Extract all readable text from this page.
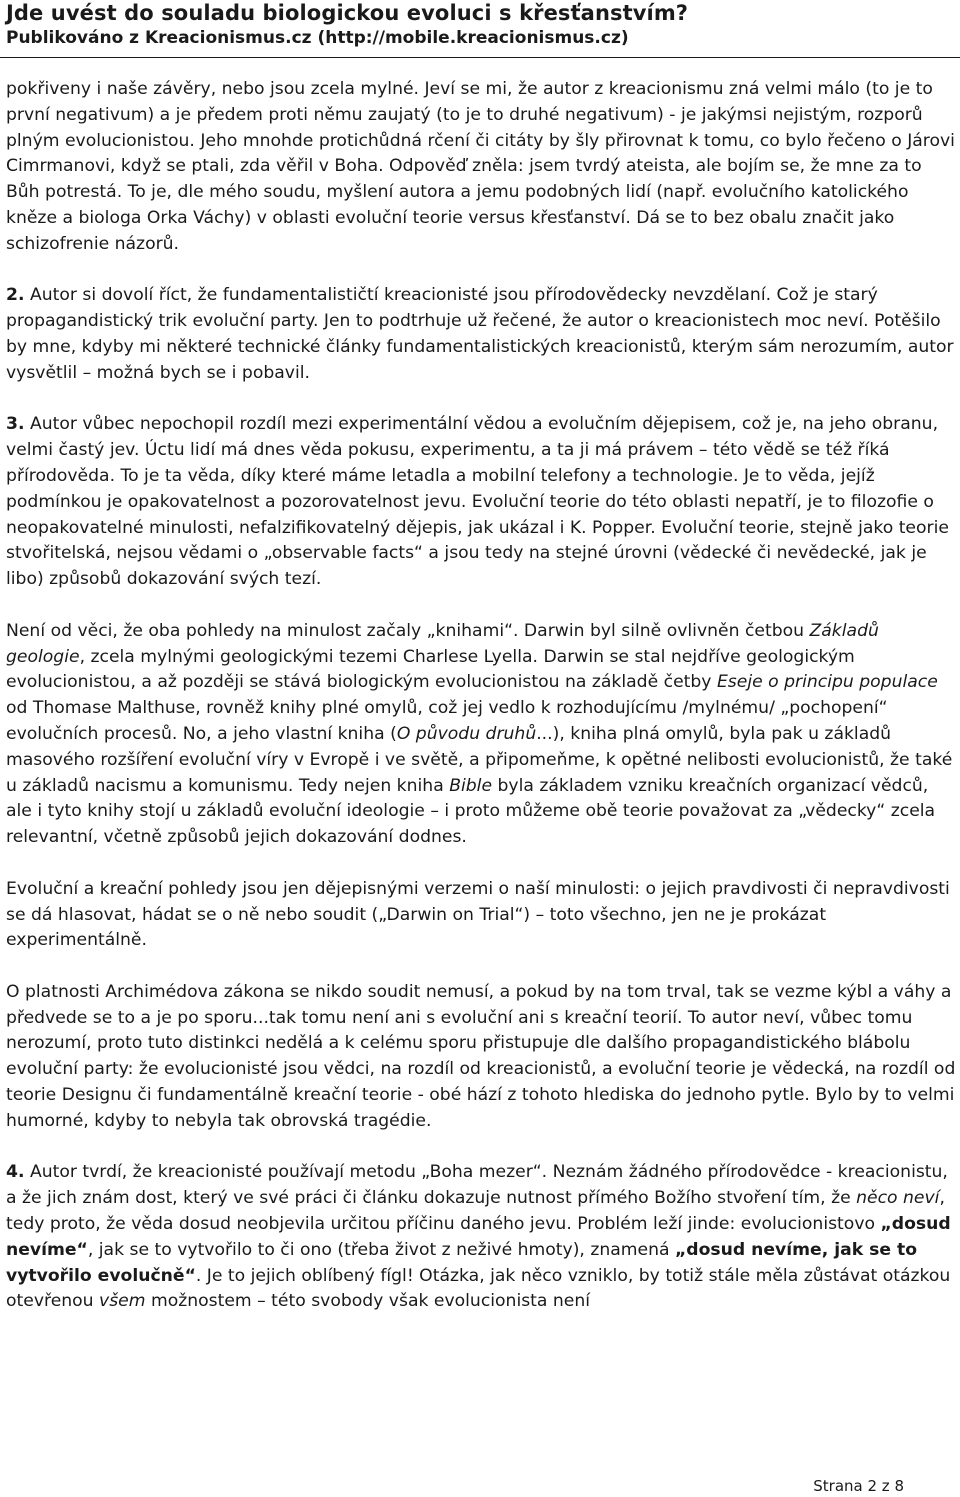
Jde uvést do souladu biologickou evoluci s křesťanstvím?
Publikováno z Kreacionismus.cz (http://mobile.kreacionismus.cz)

pokřiveny i naše závěry, nebo jsou zcela mylné. Jeví se mi, že autor z kreacionismu zná velmi málo (to je to první negativum) a je předem proti němu zaujatý (to je to druhé negativum) - je jakýmsi nejistým, rozporů plným evolucionistou. Jeho mnohde protichůdná rčení či citáty by šly přirovnat k tomu, co bylo řečeno o Járovi Cimrmanovi, když se ptali, zda věřil v Boha. Odpověď zněla: jsem tvrdý ateista, ale bojím se, že mne za to Bůh potrestá. To je, dle mého soudu, myšlení autora a jemu podobných lidí (např. evolučního katolického kněze a biologa Orka Váchy) v oblasti evoluční teorie versus křesťanství. Dá se to bez obalu značit jako schizofrenie názorů.

2. Autor si dovolí říct, že fundamentalističtí kreacionisté jsou přírodovědecky nevzdělaní. Což je starý propagandistický trik evoluční party. Jen to podtrhuje už řečené, že autor o kreacionistech moc neví. Potěšilo by mne, kdyby mi některé technické články fundamentalistických kreacionistů, kterým sám nerozumím, autor vysvětlil – možná bych se i pobavil.

3. Autor vůbec nepochopil rozdíl mezi experimentální vědou a evolučním dějepisem, což je, na jeho obranu, velmi častý jev. Úctu lidí má dnes věda pokusu, experimentu, a ta ji má právem – této vědě se též říká přírodověda. To je ta věda, díky které máme letadla a mobilní telefony a technologie. Je to věda, jejíž podmínkou je opakovatelnost a pozorovatelnost jevu. Evoluční teorie do této oblasti nepatří, je to filozofie o neopakovatelné minulosti, nefalzifikovatelný dějepis, jak ukázal i K. Popper. Evoluční teorie, stejně jako teorie stvořitelská, nejsou vědami o „observable facts“ a jsou tedy na stejné úrovni (vědecké či nevědecké, jak je libo) způsobů dokazování svých tezí.

Není od věci, že oba pohledy na minulost začaly „knihami“. Darwin byl silně ovlivněn četbou Základů geologie, zcela mylnými geologickými tezemi Charlese Lyella. Darwin se stal nejdříve geologickým evolucionistou, a až později se stává biologickým evolucionistou na základě četby Eseje o principu populace od Thomase Malthuse, rovněž knihy plné omylů, což jej vedlo k rozhodujícímu /mylnému/ „pochopení“ evolučních procesů. No, a jeho vlastní kniha (O původu druhů...), kniha plná omylů, byla pak u základů masového rozšíření evoluční víry v Evropě i ve světě, a připomeňme, k opětné nelibosti evolucionistů, že také u základů nacismu a komunismu. Tedy nejen kniha Bible byla základem vzniku kreačních organizací vědců, ale i tyto knihy stojí u základů evoluční ideologie – i proto můžeme obě teorie považovat za „vědecky“ zcela relevantní, včetně způsobů jejich dokazování dodnes.

Evoluční a kreační pohledy jsou jen dějepisnými verzemi o naší minulosti: o jejich pravdivosti či nepravdivosti se dá hlasovat, hádat se o ně nebo soudit („Darwin on Trial“) – toto všechno, jen ne je prokázat experimentálně.

O platnosti Archimédova zákona se nikdo soudit nemusí, a pokud by na tom trval, tak se vezme kýbl a váhy a předvede se to a je po sporu...tak tomu není ani s evoluční ani s kreační teorií. To autor neví, vůbec tomu nerozumí, proto tuto distinkci nedělá a k celému sporu přistupuje dle dalšího propagandistického blábolu evoluční party: že evolucionisté jsou vědci, na rozdíl od kreacionistů, a evoluční teorie je vědecká, na rozdíl od teorie Designu či fundamentálně kreační teorie - obé hází z tohoto hlediska do jednoho pytle. Bylo by to velmi humorné, kdyby to nebyla tak obrovská tragédie.

4. Autor tvrdí, že kreacionisté používají metodu „Boha mezer“. Neznám žádného přírodovědce - kreacionistu, a že jich znám dost, který ve své práci či článku dokazuje nutnost přímého Božího stvoření tím, že něco neví, tedy proto, že věda dosud neobjevila určitou příčinu daného jevu. Problém leží jinde: evolucionistovo „dosud nevíme“, jak se to vytvořilo to či ono (třeba život z neživé hmoty), znamená „dosud nevíme, jak se to vytvořilo evolučně“. Je to jejich oblíbený fígl! Otázka, jak něco vzniklo, by totiž stále měla zůstávat otázkou otevřenou všem možnostem – této svobody však evolucionista není

Strana 2 z 8
